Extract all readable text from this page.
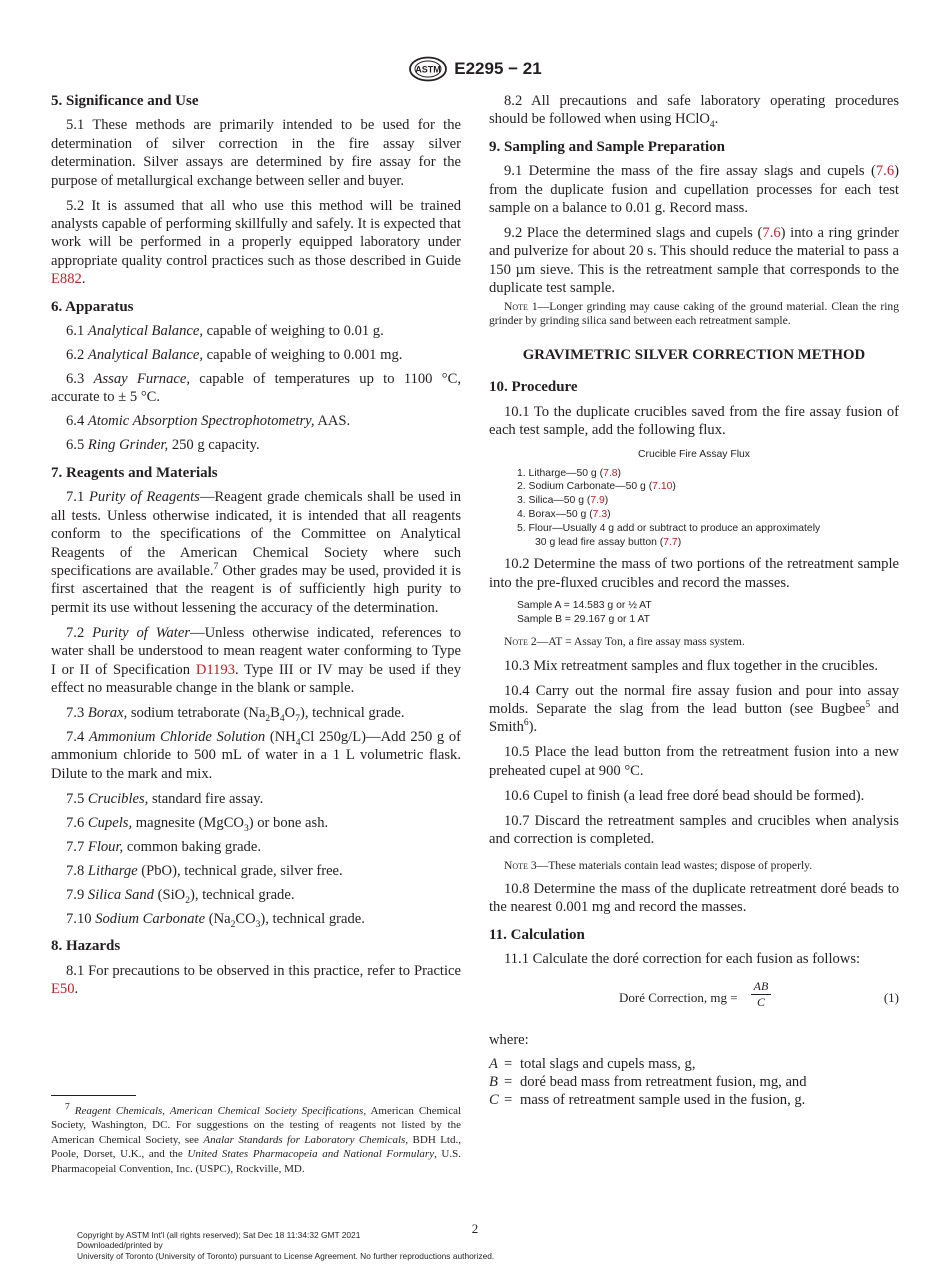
ASTM E2295 − 21
5. Significance and Use

5.1 These methods are primarily intended to be used for the determination of silver correction in the fire assay silver determination. Silver assays are determined by fire assay for the purpose of metallurgical exchange between seller and buyer.

5.2 It is assumed that all who use this method will be trained analysts capable of performing skillfully and safely. It is expected that work will be performed in a properly equipped laboratory under appropriate quality control practices such as those described in Guide E882.

6. Apparatus

6.1 Analytical Balance, capable of weighing to 0.01 g.

6.2 Analytical Balance, capable of weighing to 0.001 mg.

6.3 Assay Furnace, capable of temperatures up to 1100 °C, accurate to ± 5 °C.

6.4 Atomic Absorption Spectrophotometry, AAS.

6.5 Ring Grinder, 250 g capacity.

7. Reagents and Materials

7.1 Purity of Reagents—Reagent grade chemicals shall be used in all tests. Unless otherwise indicated, it is intended that all reagents conform to the specifications of the Committee on Analytical Reagents of the American Chemical Society where such specifications are available.$^7$ Other grades may be used, provided it is first ascertained that the reagent is of sufficiently high purity to permit its use without lessening the accuracy of the determination.

7.2 Purity of Water—Unless otherwise indicated, references to water shall be understood to mean reagent water conforming to Type I or II of Specification D1193. Type III or IV may be used if they effect no measurable change in the blank or sample.

7.3 Borax, sodium tetraborate $(Na_2B_4O_7)$, technical grade.

7.4 Ammonium Chloride Solution ($NH_4Cl$ 250g/L)—Add 250 g of ammonium chloride to 500 mL of water in a 1 L volumetric flask. Dilute to the mark and mix.

7.5 Crucibles, standard fire assay.

7.6 Cupels, magnesite (MgCO$_3$) or bone ash.

7.7 Flour, common baking grade.

7.8 Litharge (PbO), technical grade, silver free.

7.9 Silica Sand (SiO$_2$), technical grade.

7.10 Sodium Carbonate $(Na_2CO_3)$, technical grade.

8. Hazards

8.1 For precautions to be observed in this practice, refer to Practice E50.

$^7$ Reagent Chemicals, American Chemical Society Specifications, American Chemical Society, Washington, DC. For suggestions on the testing of reagents not listed by the American Chemical Society, see Analar Standards for Laboratory Chemicals, BDH Ltd., Poole, Dorset, U.K., and the United States Pharmacopeia and National Formulary, U.S. Pharmacopeial Convention, Inc. (USPC), Rockville, MD.

8.2 All precautions and safe laboratory operating procedures should be followed when using HClO$_4$.

9. Sampling and Sample Preparation

9.1 Determine the mass of the fire assay slags and cupels (7.6) from the duplicate fusion and cupellation processes for each test sample on a balance to 0.01 g. Record mass.

9.2 Place the determined slags and cupels (7.6) into a ring grinder and pulverize for about 20 s. This should reduce the material to pass a 150 µm sieve. This is the retreatment sample that corresponds to the duplicate test sample.

Note 1—Longer grinding may cause caking of the ground material. Clean the ring grinder by grinding silica sand between each retreatment sample.
GRAVIMETRIC SILVER CORRECTION METHOD
10. Procedure

10.1 To the duplicate crucibles saved from the fire assay fusion of each test sample, add the following flux.

Crucible Fire Assay Flux
1. Litharge—50 g (7.8)
2. Sodium Carbonate—50 g (7.10)
3. Silica—50 g (7.9)
4. Borax—50 g (7.3)
5. Flour—Usually 4 g add or subtract to produce an approximately
30 g lead fire assay button (7.7)

10.2 Determine the mass of two portions of the retreatment sample into the pre-fluxed crucibles and record the masses.

Sample A = 14.583 g or ½ AT
Sample B = 29.167 g or 1 AT
Note 2—AT = Assay Ton, a fire assay mass system.

10.3 Mix retreatment samples and flux together in the crucibles.

10.4 Carry out the normal fire assay fusion and pour into assay molds. Separate the slag from the lead button (see Bugbee$^5$ and Smith$^6$).

10.5 Place the lead button from the retreatment fusion into a new preheated cupel at 900 °C.

10.6 Cupel to finish (a lead free doré bead should be formed).

10.7 Discard the retreatment samples and crucibles when analysis and correction is completed.

Note 3—These materials contain lead wastes; dispose of properly.

10.8 Determine the mass of the duplicate retreatment doré beads to the nearest 0.001 mg and record the masses.

11. Calculation

11.1 Calculate the doré correction for each fusion as follows:

Doré Correction, mg = $\frac{AB}{C}$	(1)

where:

A = total slags and cupels mass, g,
B = doré bead mass from retreatment fusion, mg, and
C = mass of retreatment sample used in the fusion, g.
2
Copyright by ASTM Int'l (all rights reserved); Sat Dec 18 11:34:32 GMT 2021
Downloaded/printed by
University of Toronto (University of Toronto) pursuant to License Agreement. No further reproductions authorized.
